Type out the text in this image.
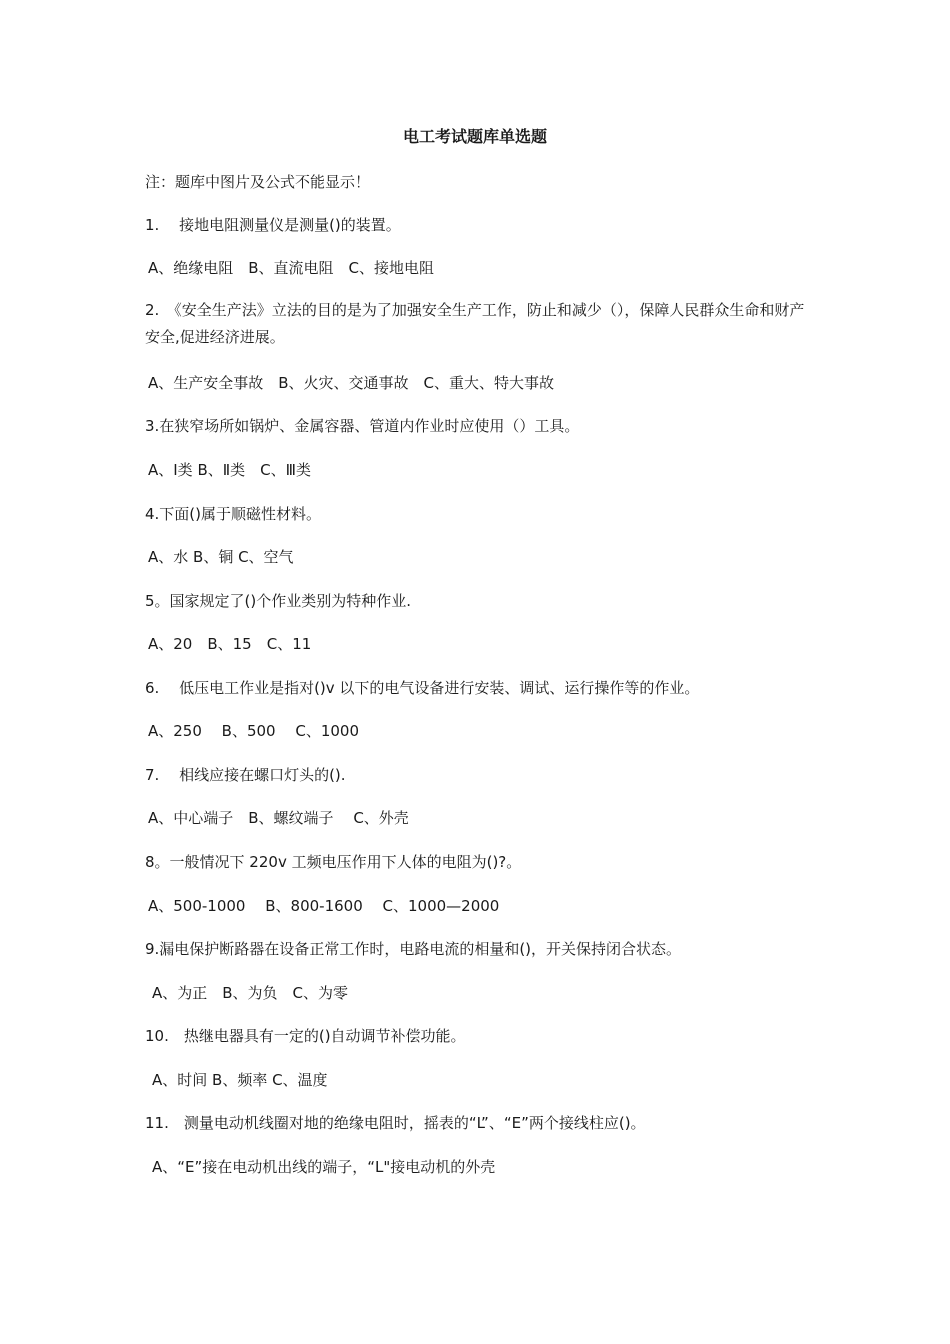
电工考试题库单选题
注：题库中图片及公式不能显示！
1.　 接地电阻测量仪是测量()的装置。
A、绝缘电阻　B、直流电阻　C、接地电阻
2.　《安全生产法》立法的目的是为了加强安全生产工作，防止和减少（），保障人民群众生命和财产安全,促进经济进展。
A、生产安全事故　B、火灾、交通事故　C、重大、特大事故
3.在狭窄场所如锅炉、金属容器、管道内作业时应使用（）工具。
A、Ⅰ类 B、Ⅱ类　C、Ⅲ类
4.下面()属于顺磁性材料。
A、水 B、铜 C、空气
5。国家规定了()个作业类别为特种作业.
A、20　B、15　C、11
6.　 低压电工作业是指对()v 以下的电气设备进行安装、调试、运行操作等的作业。
A、250　 B、500　 C、1000
7.　 相线应接在螺口灯头的().
A、中心端子　B、螺纹端子　 C、外壳
8。一般情况下 220v 工频电压作用下人体的电阻为()?。
A、500-1000　 B、800-1600　 C、1000—2000
9.漏电保护断路器在设备正常工作时，电路电流的相量和()，开关保持闭合状态。
A、为正　B、为负　C、为零
10.　热继电器具有一定的()自动调节补偿功能。
A、时间 B、频率 C、温度
11.　测量电动机线圈对地的绝缘电阻时，摇表的“L”、“E”两个接线柱应()。
A、“E”接在电动机出线的端子，“L"接电动机的外壳
